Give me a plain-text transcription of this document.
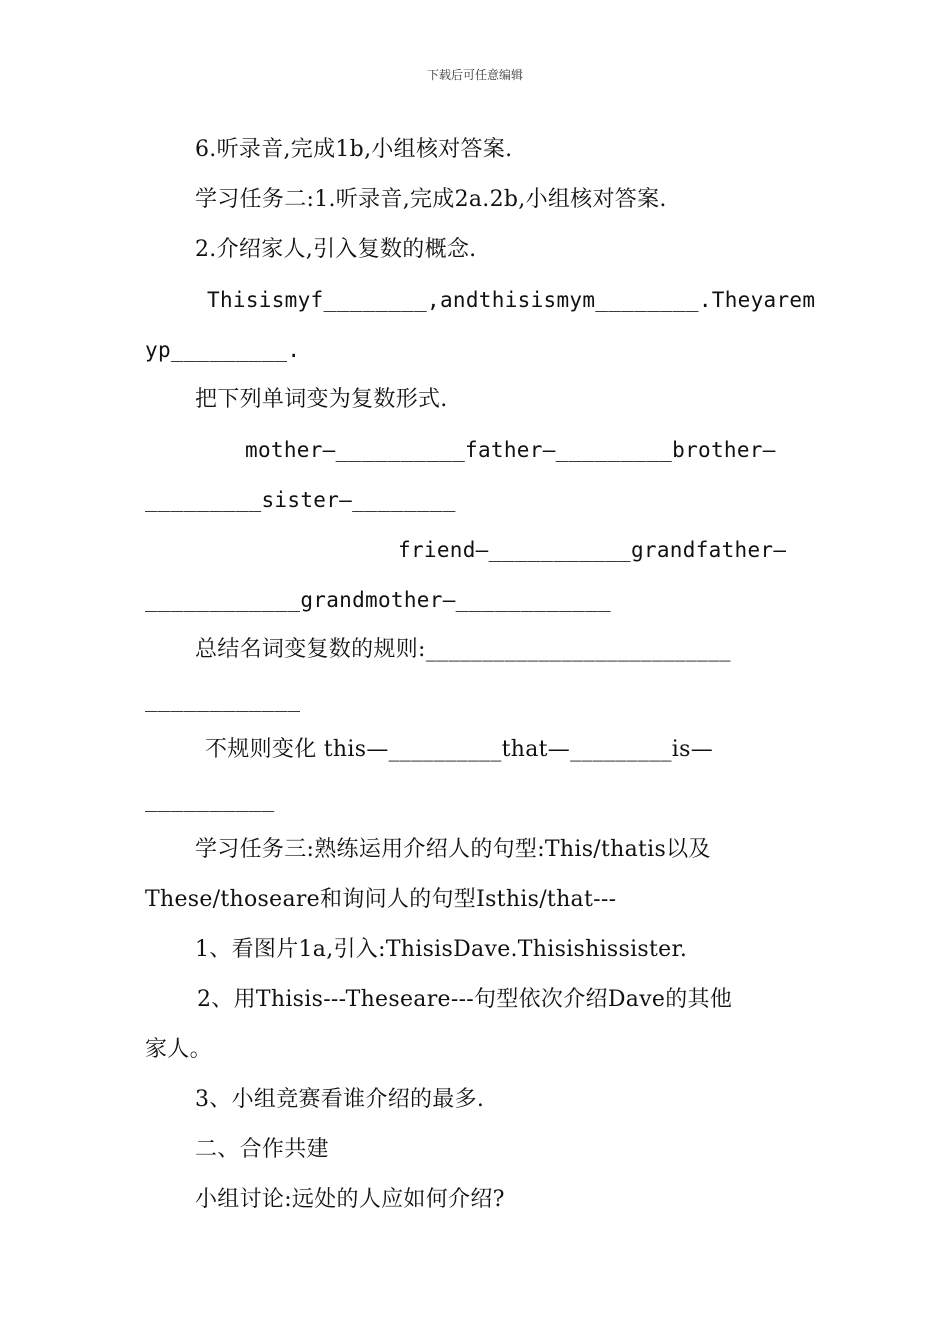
下载后可任意编辑
6.听录音,完成1b,小组核对答案.
学习任务二:1.听录音,完成2a.2b,小组核对答案.
2.介绍家人,引入复数的概念.
Thisismyf________,andthisismym________.Theyarem
yp_________.
把下列单词变为复数形式.
mother—__________father—_________brother—
_________sister—________
friend—___________grandfather—
____________grandmother—____________
总结名词变复数的规则:___________________________
____________
不规则变化 this—__________that—_________is—
__________
学习任务三:熟练运用介绍人的句型:This/thatis以及
These/thoseare和询问人的句型Isthis/that---
1、看图片1a,引入:ThisisDave.Thisishissister.
2、用Thisis---Theseare---句型依次介绍Dave的其他
家人。
3、小组竞赛看谁介绍的最多.
二、合作共建
小组讨论:远处的人应如何介绍?
